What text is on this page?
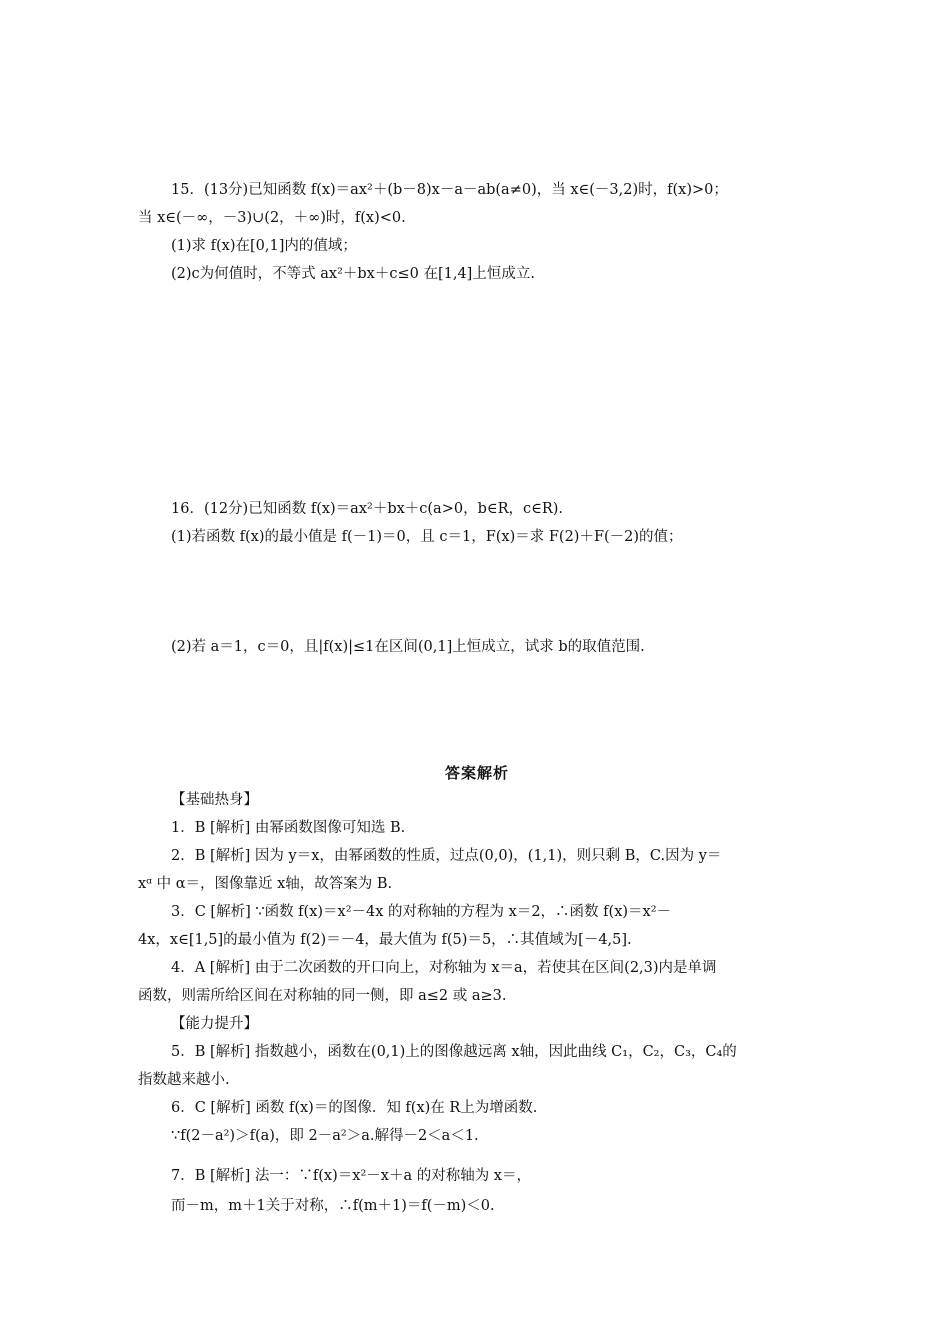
15．(13分)已知函数 f(x)＝ax²＋(b－8)x－a－ab(a≠0)，当 x∈(－3,2)时，f(x)>0；
当 x∈(－∞，－3)∪(2，＋∞)时，f(x)<0.
(1)求 f(x)在[0,1]内的值域；
(2)c为何值时，不等式 ax²＋bx＋c≤0 在[1,4]上恒成立.
16．(12分)已知函数 f(x)＝ax²＋bx＋c(a>0，b∈R，c∈R).
(1)若函数 f(x)的最小值是 f(－1)＝0，且 c＝1，F(x)＝求 F(2)＋F(－2)的值；
(2)若 a＝1，c＝0，且|f(x)|≤1在区间(0,1]上恒成立，试求 b的取值范围.
答案解析
【基础热身】
1．B [解析] 由幂函数图像可知选 B.
2．B [解析] 因为 y＝x，由幂函数的性质，过点(0,0)，(1,1)，则只剩 B，C.因为 y＝
xᵅ 中 α＝，图像靠近 x轴，故答案为 B.
3．C [解析] ∵函数 f(x)＝x²－4x 的对称轴的方程为 x＝2，∴函数 f(x)＝x²－
4x，x∈[1,5]的最小值为 f(2)＝－4，最大值为 f(5)＝5，∴其值域为[－4,5].
4．A [解析] 由于二次函数的开口向上，对称轴为 x＝a，若使其在区间(2,3)内是单调
函数，则需所给区间在对称轴的同一侧，即 a≤2 或 a≥3.
【能力提升】
5．B [解析] 指数越小，函数在(0,1)上的图像越远离 x轴，因此曲线 C₁，C₂，C₃，C₄的
指数越来越小.
6．C [解析] 函数 f(x)＝的图像．知 f(x)在 R上为增函数.
∵f(2－a²)＞f(a)，即 2－a²＞a.解得－2＜a＜1.
7．B [解析] 法一：∵f(x)＝x²－x＋a 的对称轴为 x＝，
而－m，m＋1关于对称，∴f(m＋1)＝f(－m)＜0.
